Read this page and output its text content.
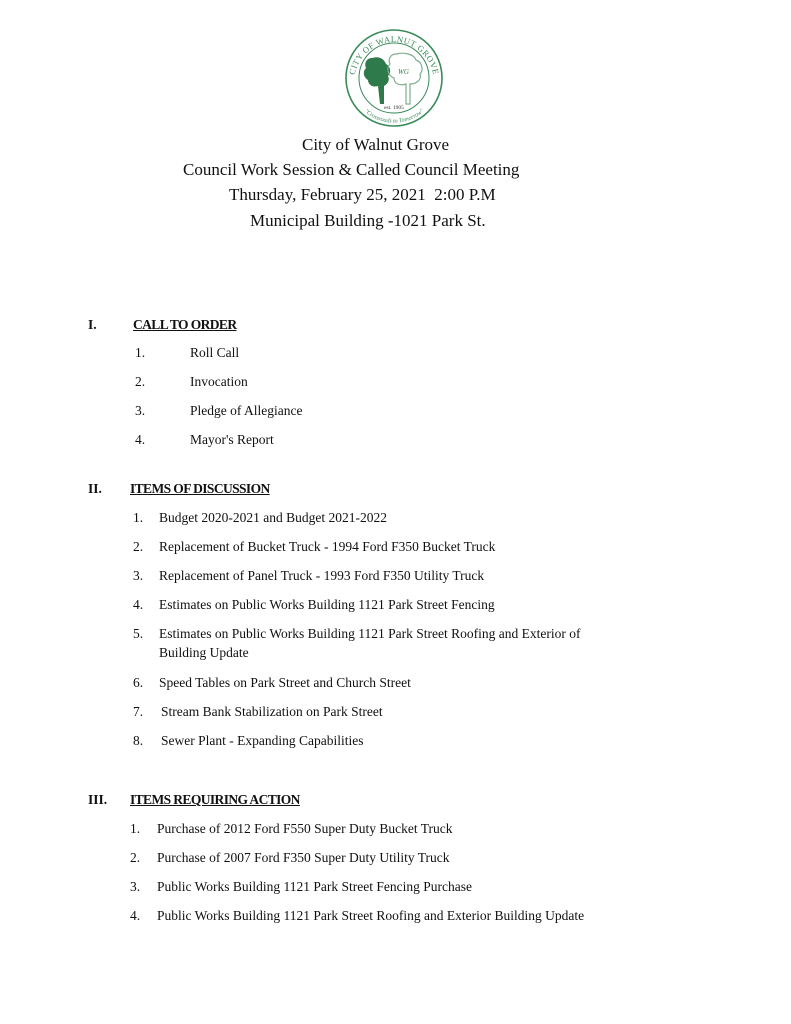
CITY OF WALNUT GROVE
WG
est. 1905
"Crossroads to Tomorrow"
City of Walnut Grove
Council Work Session & Called Council Meeting
Thursday, February 25, 2021  2:00 P.M
Municipal Building -1021 Park St.
I.	CALL TO ORDER
1.	Roll Call
2.	Invocation
3.	Pledge of Allegiance
4.	Mayor's Report
II. ITEMS OF DISCUSSION
1. Budget 2020-2021 and Budget 2021-2022
2. Replacement of Bucket Truck - 1994 Ford F350 Bucket Truck
3. Replacement of Panel Truck - 1993 Ford F350 Utility Truck
4. Estimates on Public Works Building 1121 Park Street Fencing
5. Estimates on Public Works Building 1121 Park Street Roofing and Exterior of
Building Update
6. Speed Tables on Park Street and Church Street
7. Stream Bank Stabilization on Park Street
8. Sewer Plant - Expanding Capabilities
III. ITEMS REQUIRING ACTION
1. Purchase of 2012 Ford F550 Super Duty Bucket Truck
2. Purchase of 2007 Ford F350 Super Duty Utility Truck
3. Public Works Building 1121 Park Street Fencing Purchase
4. Public Works Building 1121 Park Street Roofing and Exterior Building Update
